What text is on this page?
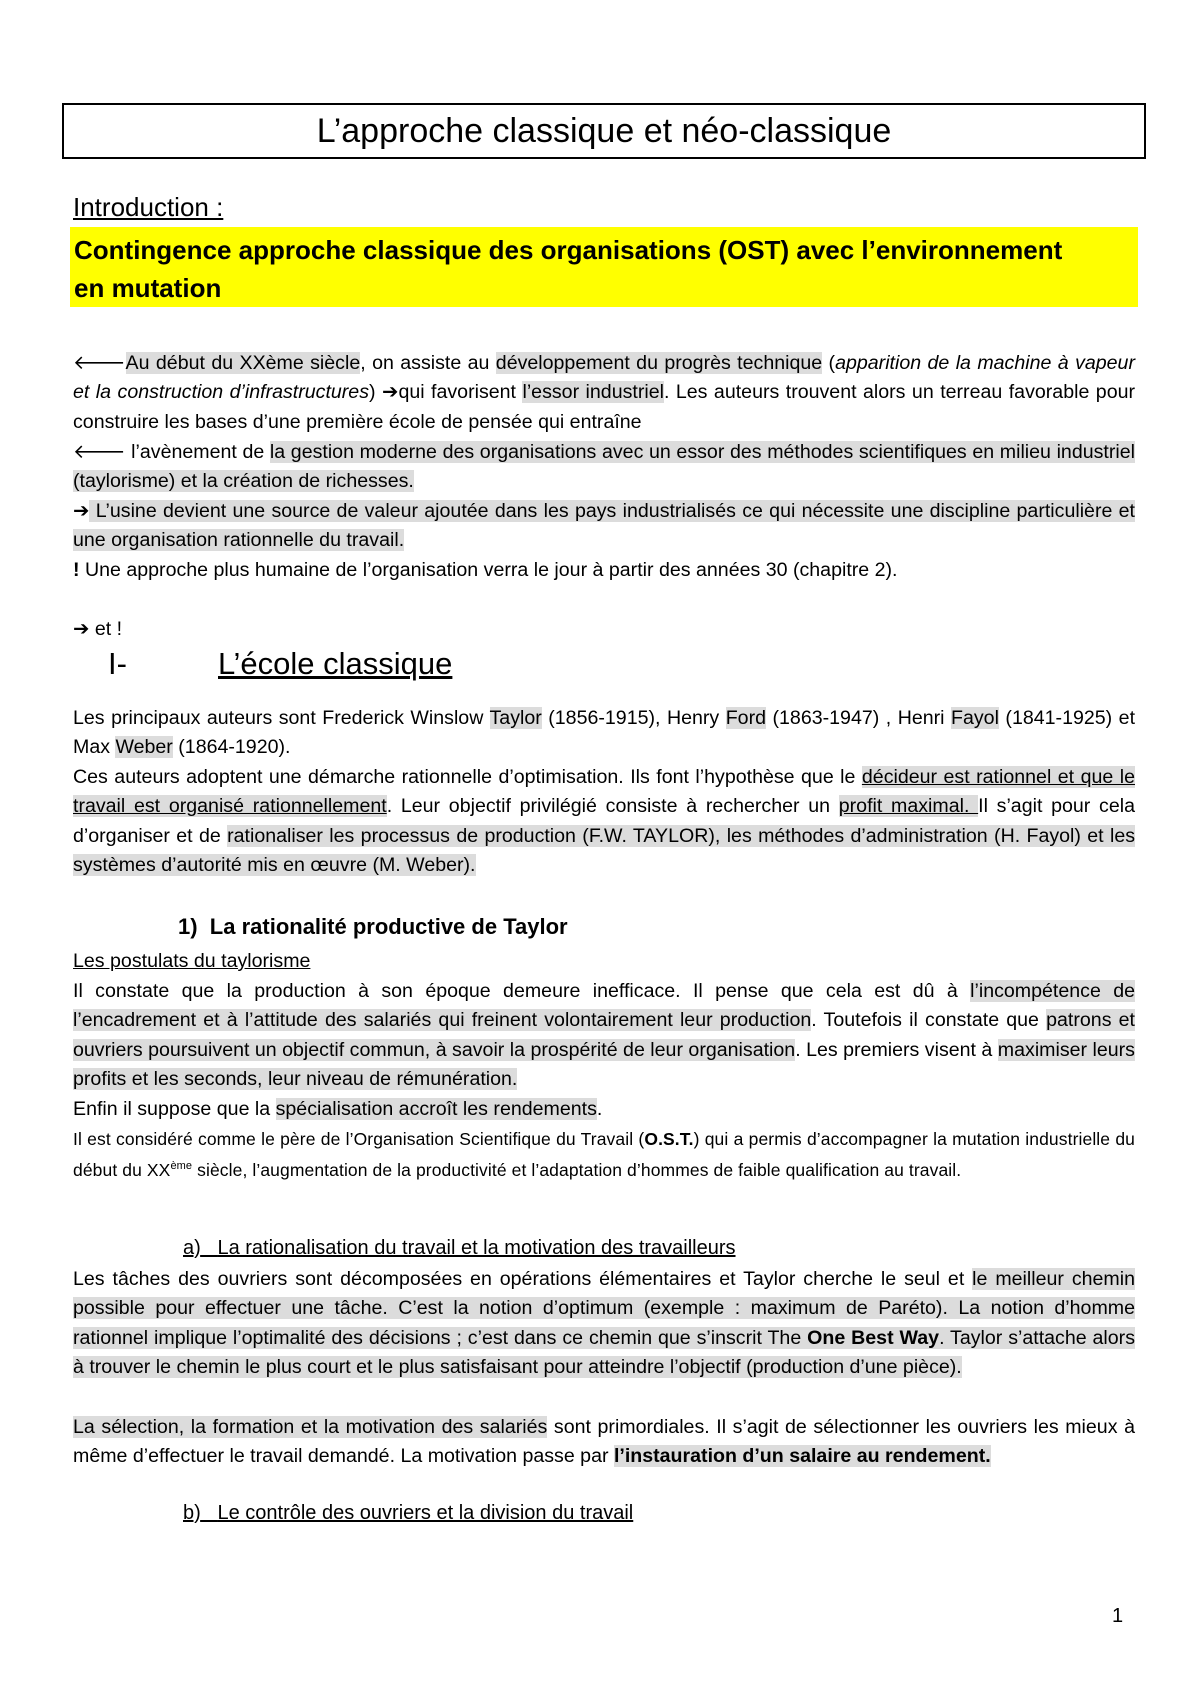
L’approche classique et néo-classique
Introduction :
Contingence approche classique des organisations (OST) avec l’environnement
en mutation
🡐Au début du XXème siècle, on assiste au développement du progrès technique (apparition de la machine à vapeur et la construction d’infrastructures) ➔qui favorisent l’essor industriel. Les auteurs trouvent alors un terreau favorable pour construire les bases d’une première école de pensée qui entraîne
🡐 l’avènement de la gestion moderne des organisations avec un essor des méthodes scientifiques en milieu industriel (taylorisme) et la création de richesses.
➔ L’usine devient une source de valeur ajoutée dans les pays industrialisés ce qui nécessite une discipline particulière et une organisation rationnelle du travail.
! Une approche plus humaine de l’organisation verra le jour à partir des années 30 (chapitre 2).
➔ et !
I-	L’école classique
Les principaux auteurs sont Frederick Winslow Taylor (1856-1915), Henry Ford (1863-1947) , Henri Fayol (1841-1925) et Max Weber (1864-1920).
Ces auteurs adoptent une démarche rationnelle d’optimisation. Ils font l’hypothèse que le décideur est rationnel et que le travail est organisé rationnellement. Leur objectif privilégié consiste à rechercher un profit maximal. Il s’agit pour cela d’organiser et de rationaliser les processus de production (F.W. TAYLOR), les méthodes d’administration (H. Fayol) et les systèmes d’autorité mis en œuvre (M. Weber).
1) La rationalité productive de Taylor
Les postulats du taylorisme
Il constate que la production à son époque demeure inefficace. Il pense que cela est dû à l’incompétence de l’encadrement et à l’attitude des salariés qui freinent volontairement leur production. Toutefois il constate que patrons et ouvriers poursuivent un objectif commun, à savoir la prospérité de leur organisation. Les premiers visent à maximiser leurs profits et les seconds, leur niveau de rémunération.
Enfin il suppose que la spécialisation accroît les rendements.
Il est considéré comme le père de l’Organisation Scientifique du Travail (O.S.T.) qui a permis d’accompagner la mutation industrielle du début du XXème siècle, l’augmentation de la productivité et l’adaptation d’hommes de faible qualification au travail.
a) La rationalisation du travail et la motivation des travailleurs
Les tâches des ouvriers sont décomposées en opérations élémentaires et Taylor cherche le seul et le meilleur chemin possible pour effectuer une tâche. C’est la notion d’optimum (exemple : maximum de Paréto). La notion d’homme rationnel implique l’optimalité des décisions ; c’est dans ce chemin que s’inscrit The One Best Way. Taylor s’attache alors à trouver le chemin le plus court et le plus satisfaisant pour atteindre l’objectif (production d’une pièce).
La sélection, la formation et la motivation des salariés sont primordiales. Il s’agit de sélectionner les ouvriers les mieux à même d’effectuer le travail demandé. La motivation passe par l’instauration d’un salaire au rendement.
b) Le contrôle des ouvriers et la division du travail
1
